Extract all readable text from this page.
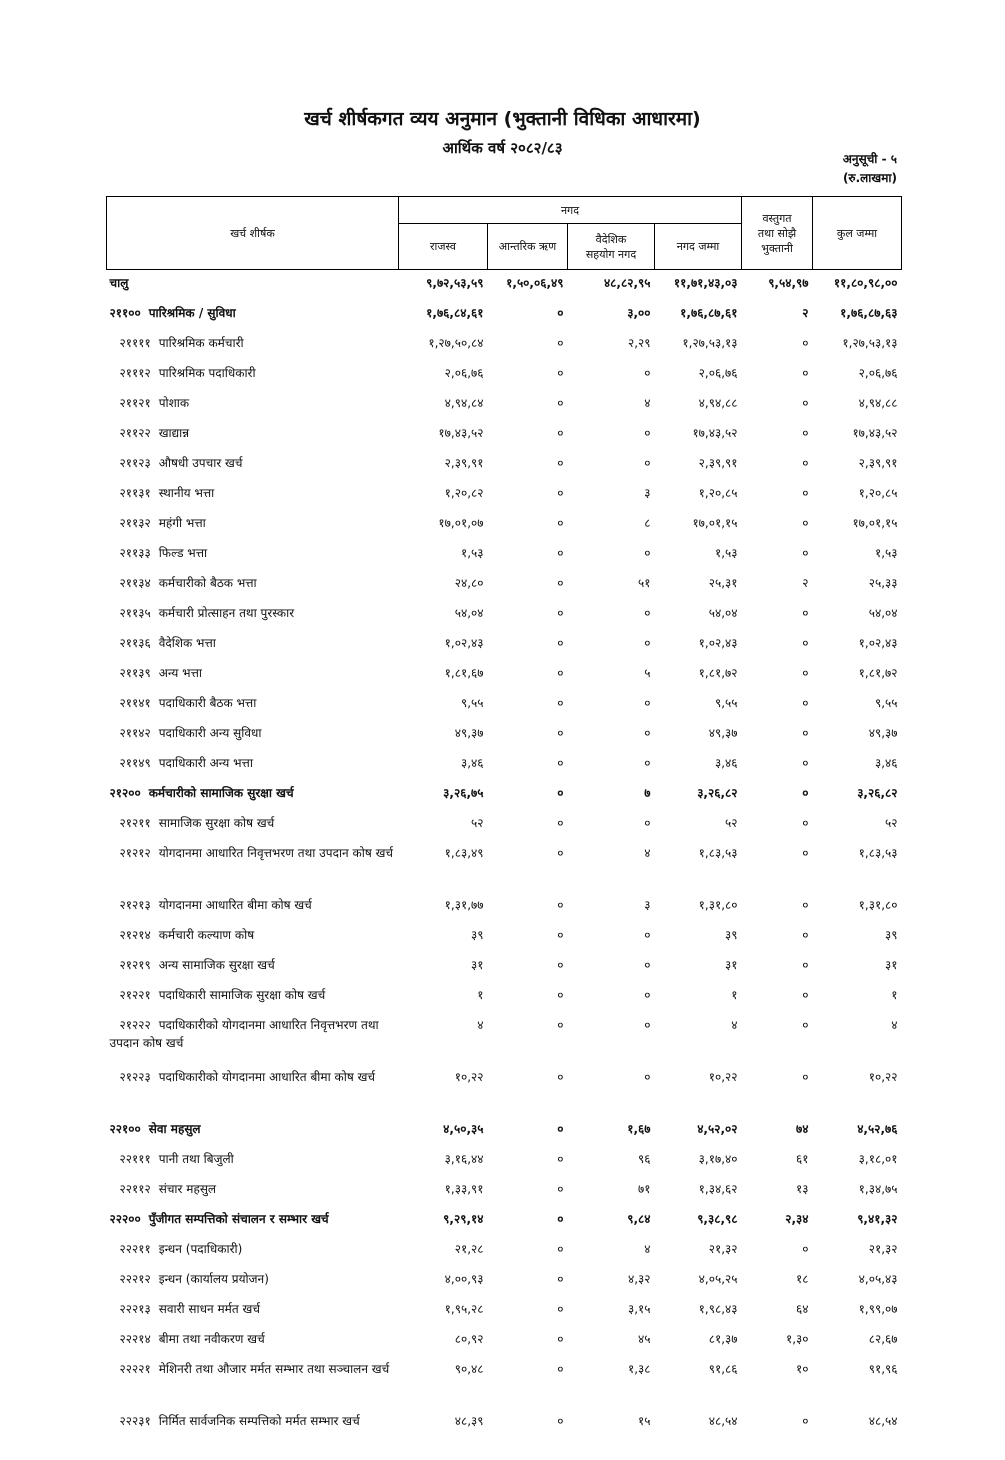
खर्च शीर्षकगत व्यय अनुमान (भुक्तानी विधिका आधारमा)
आर्थिक वर्ष २०८२/८३
अनुसूची - ५
(रु.लाखमा)
खर्च शीर्षक	नगद				वस्तुगत
तथा सोझै
भुक्तानी	कुल जम्मा
	राजस्व	आन्तरिक ऋण	वैदेशिक
सहयोग नगद	नगद जम्मा		
चालु	९,७२,५३,५९	१,५०,०६,४९	४८,८२,९५	११,७१,४३,०३	९,५४,९७	११,८०,९८,००
२११०० पारिश्रमिक / सुविधा	१,७६,८४,६१	०	३,००	१,७६,८७,६१	२	१,७६,८७,६३
२११११ पारिश्रमिक कर्मचारी	१,२७,५०,८४	०	२,२९	१,२७,५३,१३	०	१,२७,५३,१३
२१११२ पारिश्रमिक पदाधिकारी	२,०६,७६	०	०	२,०६,७६	०	२,०६,७६
२११२१ पोशाक	४,९४,८४	०	४	४,९४,८८	०	४,९४,८८
२११२२ खाद्यान्न	१७,४३,५२	०	०	१७,४३,५२	०	१७,४३,५२
२११२३ औषधी उपचार खर्च	२,३९,९१	०	०	२,३९,९१	०	२,३९,९१
२११३१ स्थानीय भत्ता	१,२०,८२	०	३	१,२०,८५	०	१,२०,८५
२११३२ महंगी भत्ता	१७,०१,०७	०	८	१७,०१,१५	०	१७,०१,१५
२११३३ फिल्ड भत्ता	१,५३	०	०	१,५३	०	१,५३
२११३४ कर्मचारीको बैठक भत्ता	२४,८०	०	५१	२५,३१	२	२५,३३
२११३५ कर्मचारी प्रोत्साहन तथा पुरस्कार	५४,०४	०	०	५४,०४	०	५४,०४
२११३६ वैदेशिक भत्ता	१,०२,४३	०	०	१,०२,४३	०	१,०२,४३
२११३९ अन्य भत्ता	१,८१,६७	०	५	१,८१,७२	०	१,८१,७२
२११४१ पदाधिकारी बैठक भत्ता	९,५५	०	०	९,५५	०	९,५५
२११४२ पदाधिकारी अन्य सुविधा	४९,३७	०	०	४९,३७	०	४९,३७
२११४९ पदाधिकारी अन्य भत्ता	३,४६	०	०	३,४६	०	३,४६
२१२०० कर्मचारीको सामाजिक सुरक्षा खर्च	३,२६,७५	०	७	३,२६,८२	०	३,२६,८२
२१२११ सामाजिक सुरक्षा कोष खर्च	५२	०	०	५२	०	५२
२१२१२ योगदानमा आधारित निवृत्तभरण तथा उपदान कोष खर्च	१,८३,४९	०	४	१,८३,५३	०	१,८३,५३
२१२१३ योगदानमा आधारित बीमा कोष खर्च	१,३१,७७	०	३	१,३१,८०	०	१,३१,८०
२१२१४ कर्मचारी कल्याण कोष	३९	०	०	३९	०	३९
२१२१९ अन्य सामाजिक सुरक्षा खर्च	३१	०	०	३१	०	३१
२१२२१ पदाधिकारी सामाजिक सुरक्षा कोष खर्च	१	०	०	१	०	१
२१२२२ पदाधिकारीको योगदानमा आधारित निवृत्तभरण तथा उपदान कोष खर्च	४	०	०	४	०	४
२१२२३ पदाधिकारीको योगदानमा आधारित बीमा कोष खर्च	१०,२२	०	०	१०,२२	०	१०,२२
२२१०० सेवा महसुल	४,५०,३५	०	१,६७	४,५२,०२	७४	४,५२,७६
२२१११ पानी तथा बिजुली	३,१६,४४	०	९६	३,१७,४०	६१	३,१८,०१
२२११२ संचार महसुल	१,३३,९१	०	७१	१,३४,६२	१३	१,३४,७५
२२२०० पुँजीगत सम्पत्तिको संचालन र सम्भार खर्च	९,२९,१४	०	९,८४	९,३८,९८	२,३४	९,४१,३२
२२२११ इन्धन (पदाधिकारी)	२१,२८	०	४	२१,३२	०	२१,३२
२२२१२ इन्धन (कार्यालय प्रयोजन)	४,००,९३	०	४,३२	४,०५,२५	१८	४,०५,४३
२२२१३ सवारी साधन मर्मत खर्च	१,९५,२८	०	३,१५	१,९८,४३	६४	१,९९,०७
२२२१४ बीमा तथा नवीकरण खर्च	८०,९२	०	४५	८१,३७	१,३०	८२,६७
२२२२१ मेशिनरी तथा औजार मर्मत सम्भार तथा सञ्चालन खर्च	९०,४८	०	१,३८	९१,८६	१०	९१,९६
२२२३१ निर्मित सार्वजनिक सम्पत्तिको मर्मत सम्भार खर्च	४८,३९	०	१५	४८,५४	०	४८,५४
